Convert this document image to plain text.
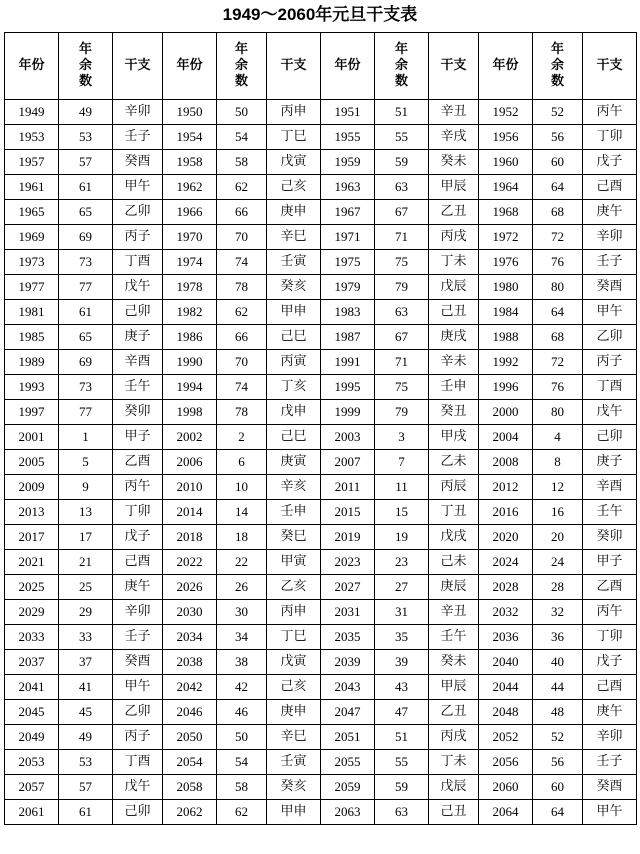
1949～2060年元旦干支表
年份	年
余
数	干支	年份	年
余
数	干支	年份	年
余
数	干支	年份	年
余
数	干支
1949	49	辛卯	1950	50	丙申	1951	51	辛丑	1952	52	丙午
1953	53	壬子	1954	54	丁巳	1955	55	辛戌	1956	56	丁卯
1957	57	癸酉	1958	58	戊寅	1959	59	癸未	1960	60	戊子
1961	61	甲午	1962	62	己亥	1963	63	甲辰	1964	64	己酉
1965	65	乙卯	1966	66	庚申	1967	67	乙丑	1968	68	庚午
1969	69	丙子	1970	70	辛巳	1971	71	丙戌	1972	72	辛卯
1973	73	丁酉	1974	74	壬寅	1975	75	丁未	1976	76	壬子
1977	77	戊午	1978	78	癸亥	1979	79	戊辰	1980	80	癸酉
1981	61	己卯	1982	62	甲申	1983	63	己丑	1984	64	甲午
1985	65	庚子	1986	66	己巳	1987	67	庚戌	1988	68	乙卯
1989	69	辛酉	1990	70	丙寅	1991	71	辛未	1992	72	丙子
1993	73	壬午	1994	74	丁亥	1995	75	壬申	1996	76	丁酉
1997	77	癸卯	1998	78	戊申	1999	79	癸丑	2000	80	戊午
2001	1	甲子	2002	2	己巳	2003	3	甲戌	2004	4	己卯
2005	5	乙酉	2006	6	庚寅	2007	7	乙未	2008	8	庚子
2009	9	丙午	2010	10	辛亥	2011	11	丙辰	2012	12	辛酉
2013	13	丁卯	2014	14	壬申	2015	15	丁丑	2016	16	壬午
2017	17	戊子	2018	18	癸巳	2019	19	戊戌	2020	20	癸卯
2021	21	己酉	2022	22	甲寅	2023	23	己未	2024	24	甲子
2025	25	庚午	2026	26	乙亥	2027	27	庚辰	2028	28	乙酉
2029	29	辛卯	2030	30	丙申	2031	31	辛丑	2032	32	丙午
2033	33	壬子	2034	34	丁巳	2035	35	壬午	2036	36	丁卯
2037	37	癸酉	2038	38	戊寅	2039	39	癸未	2040	40	戊子
2041	41	甲午	2042	42	己亥	2043	43	甲辰	2044	44	己酉
2045	45	乙卯	2046	46	庚申	2047	47	乙丑	2048	48	庚午
2049	49	丙子	2050	50	辛巳	2051	51	丙戌	2052	52	辛卯
2053	53	丁酉	2054	54	壬寅	2055	55	丁未	2056	56	壬子
2057	57	戊午	2058	58	癸亥	2059	59	戊辰	2060	60	癸酉
2061	61	己卯	2062	62	甲申	2063	63	己丑	2064	64	甲午
